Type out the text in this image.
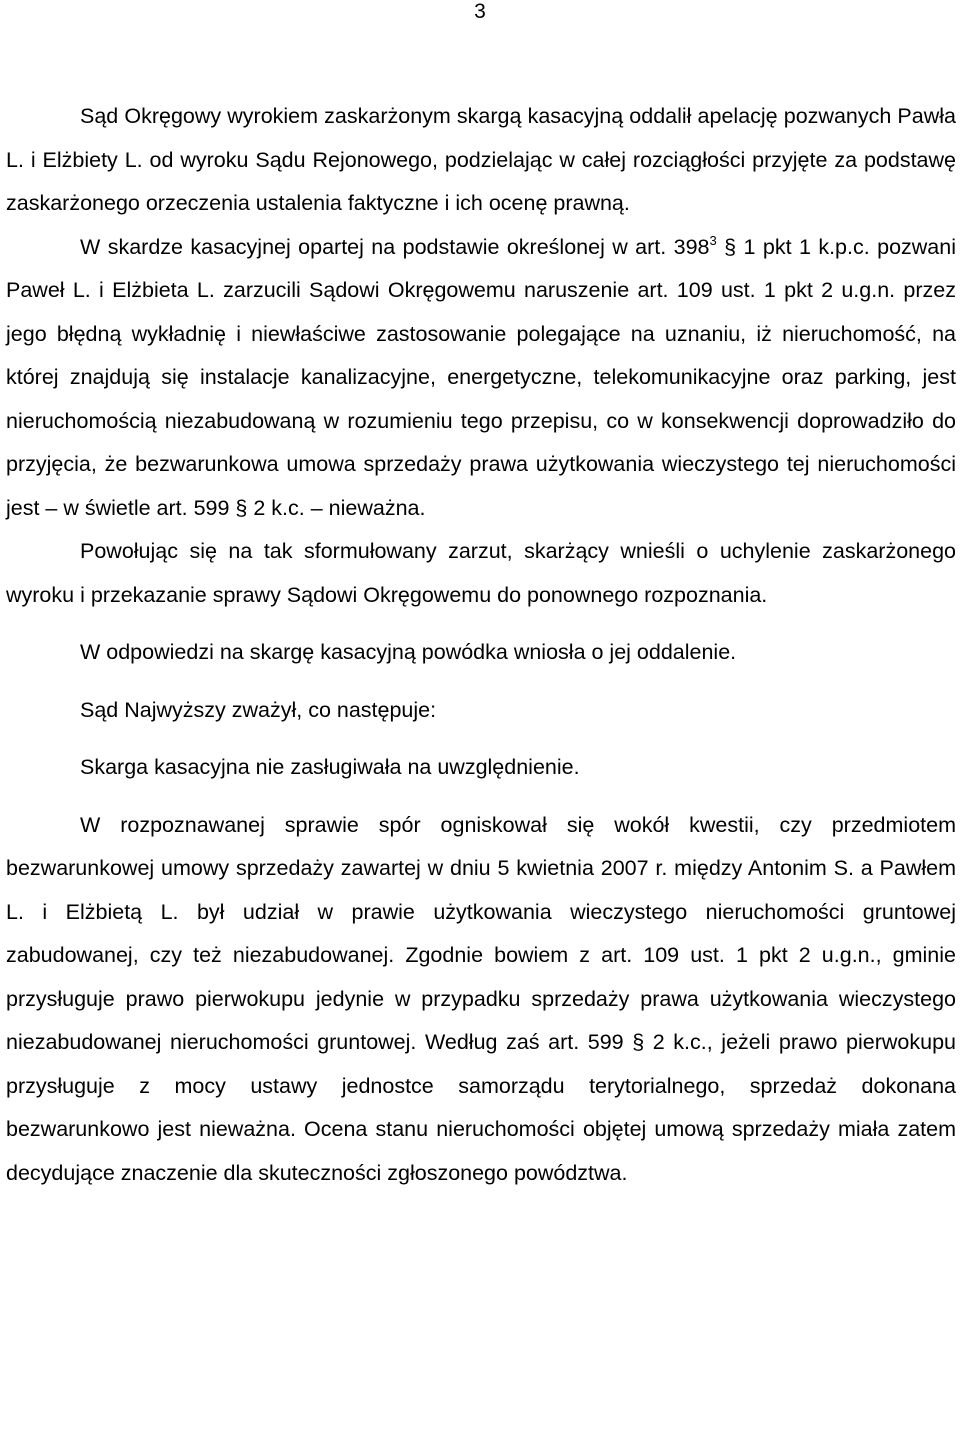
3

Sąd Okręgowy wyrokiem zaskarżonym skargą kasacyjną oddalił apelację pozwanych Pawła L. i Elżbiety L. od wyroku Sądu Rejonowego, podzielając w całej rozciągłości przyjęte za podstawę zaskarżonego orzeczenia ustalenia faktyczne i ich ocenę prawną.

W skardze kasacyjnej opartej na podstawie określonej w art. $398^3$ § 1 pkt 1 k.p.c. pozwani Paweł L. i Elżbieta L. zarzucili Sądowi Okręgowemu naruszenie art. 109 ust. 1 pkt 2 u.g.n. przez jego błędną wykładnię i niewłaściwe zastosowanie polegające na uznaniu, iż nieruchomość, na której znajdują się instalacje kanalizacyjne, energetyczne, telekomunikacyjne oraz parking, jest nieruchomością niezabudowaną w rozumieniu tego przepisu, co w konsekwencji doprowadziło do przyjęcia, że bezwarunkowa umowa sprzedaży prawa użytkowania wieczystego tej nieruchomości jest – w świetle art. 599 § 2 k.c. – nieważna.

Powołując się na tak sformułowany zarzut, skarżący wnieśli o uchylenie zaskarżonego wyroku i przekazanie sprawy Sądowi Okręgowemu do ponownego rozpoznania.

W odpowiedzi na skargę kasacyjną powódka wniosła o jej oddalenie.

Sąd Najwyższy zważył, co następuje:

Skarga kasacyjna nie zasługiwała na uwzględnienie.

W rozpoznawanej sprawie spór ogniskował się wokół kwestii, czy przedmiotem bezwarunkowej umowy sprzedaży zawartej w dniu 5 kwietnia 2007 r. między Antonim S. a Pawłem L. i Elżbietą L. był udział w prawie użytkowania wieczystego nieruchomości gruntowej zabudowanej, czy też niezabudowanej. Zgodnie bowiem z art. 109 ust. 1 pkt 2 u.g.n., gminie przysługuje prawo pierwokupu jedynie w przypadku sprzedaży prawa użytkowania wieczystego niezabudowanej nieruchomości gruntowej. Według zaś art. 599 § 2 k.c., jeżeli prawo pierwokupu przysługuje z mocy ustawy jednostce samorządu terytorialnego, sprzedaż dokonana bezwarunkowo jest nieważna. Ocena stanu nieruchomości objętej umową sprzedaży miała zatem decydujące znaczenie dla skuteczności zgłoszonego powództwa.
